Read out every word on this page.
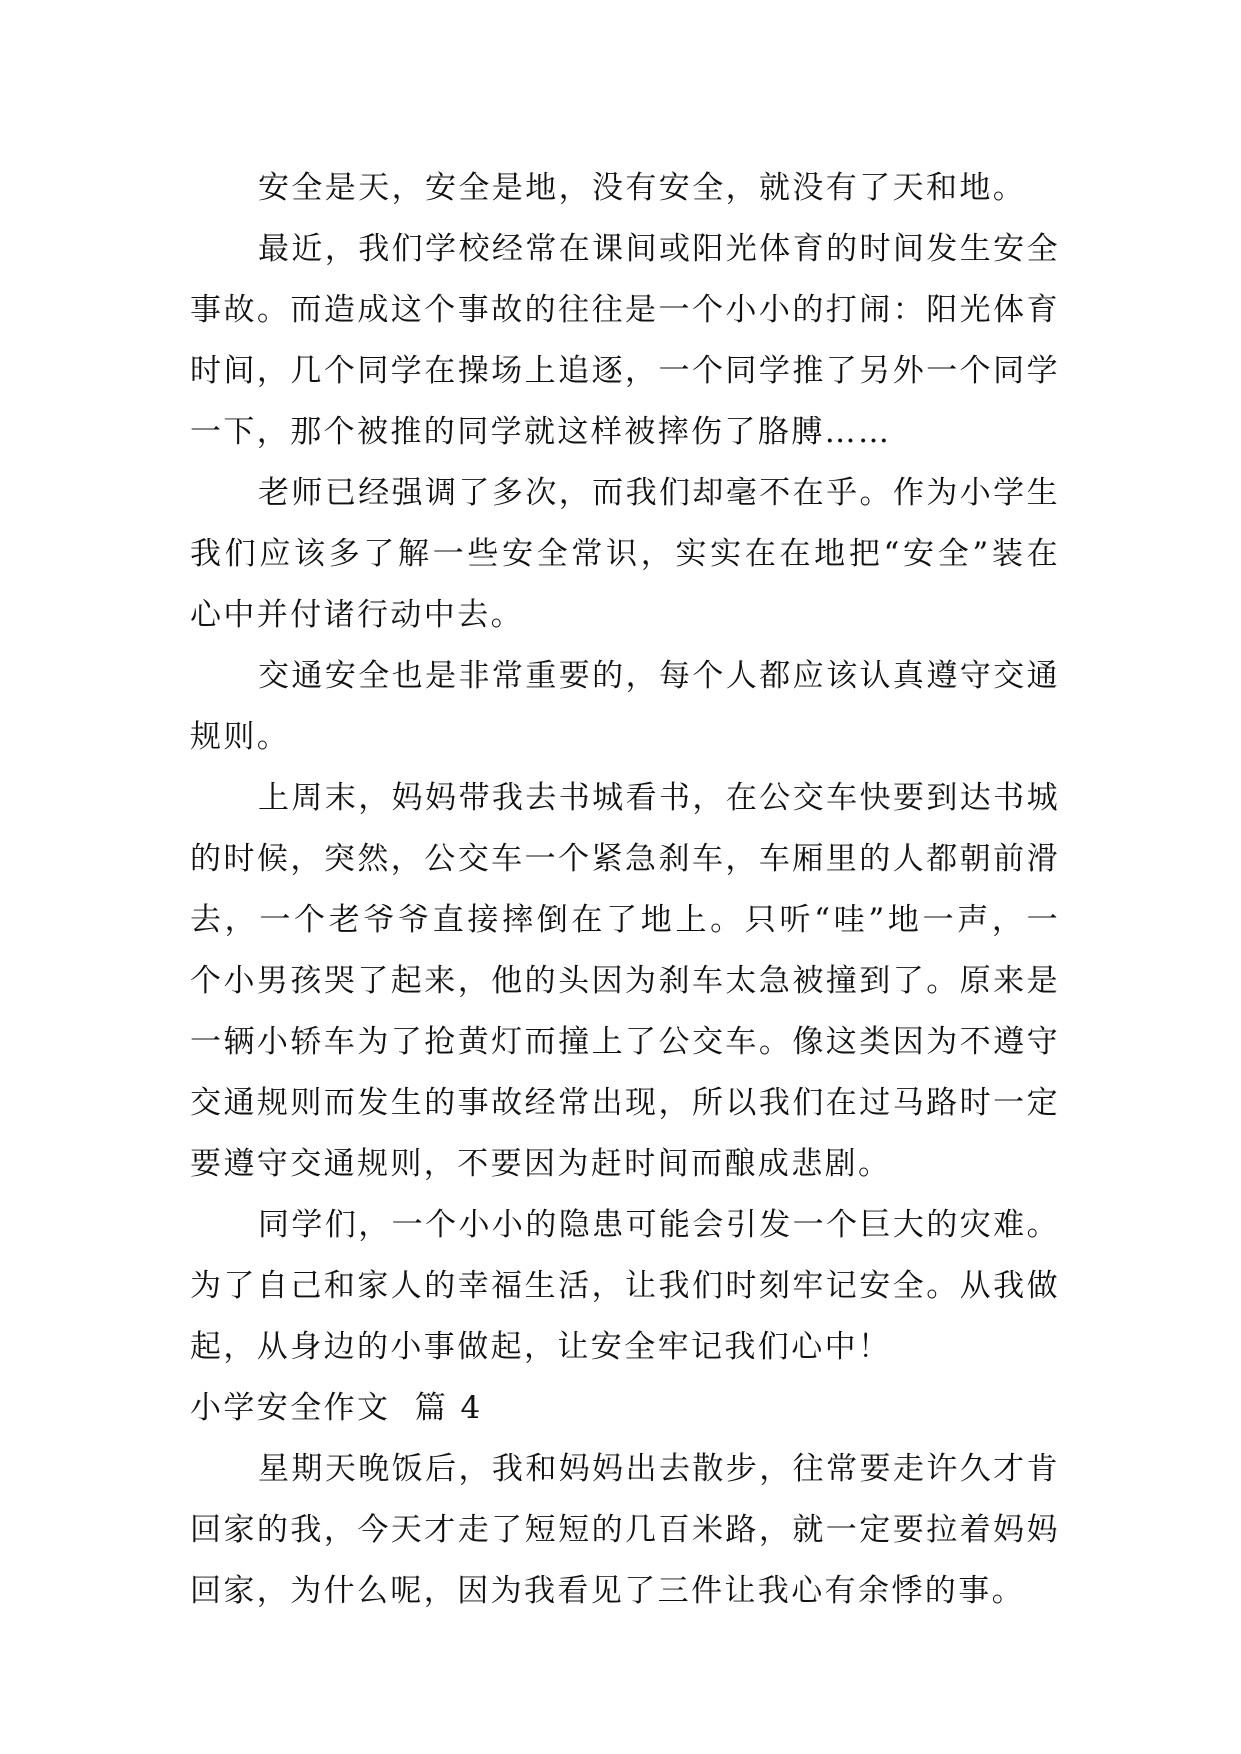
安全是天，安全是地，没有安全，就没有了天和地。

最近，我们学校经常在课间或阳光体育的时间发生安全事故。而造成这个事故的往往是一个小小的打闹：阳光体育时间，几个同学在操场上追逐，一个同学推了另外一个同学一下，那个被推的同学就这样被摔伤了胳膊……

老师已经强调了多次，而我们却毫不在乎。作为小学生我们应该多了解一些安全常识，实实在在地把“安全”装在心中并付诸行动中去。

交通安全也是非常重要的，每个人都应该认真遵守交通规则。

上周末，妈妈带我去书城看书，在公交车快要到达书城的时候，突然，公交车一个紧急刹车，车厢里的人都朝前滑去，一个老爷爷直接摔倒在了地上。只听“哇”地一声，一个小男孩哭了起来，他的头因为刹车太急被撞到了。原来是一辆小轿车为了抢黄灯而撞上了公交车。像这类因为不遵守交通规则而发生的事故经常出现，所以我们在过马路时一定要遵守交通规则，不要因为赶时间而酿成悲剧。

同学们，一个小小的隐患可能会引发一个巨大的灾难。为了自己和家人的幸福生活，让我们时刻牢记安全。从我做起，从身边的小事做起，让安全牢记我们心中！

小学安全作文  篇 4

星期天晚饭后，我和妈妈出去散步，往常要走许久才肯回家的我，今天才走了短短的几百米路，就一定要拉着妈妈回家，为什么呢，因为我看见了三件让我心有余悸的事。
